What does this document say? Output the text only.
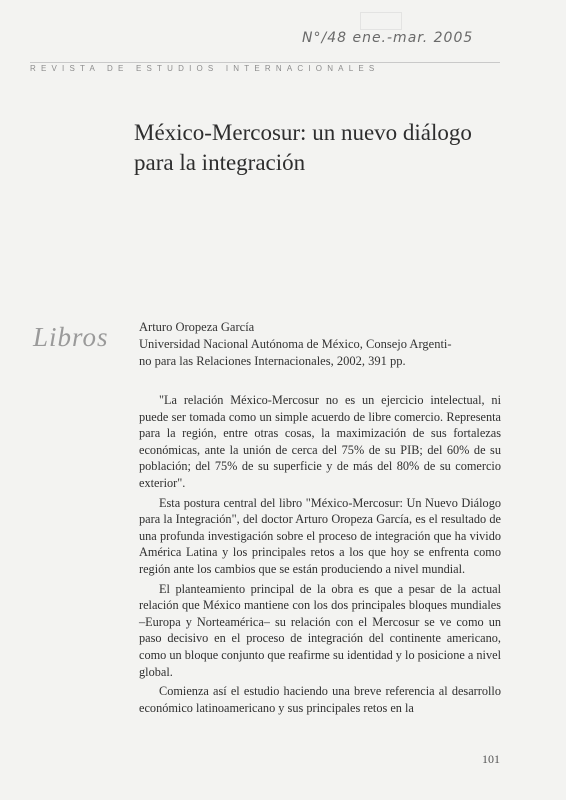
N°/48 ene.-mar. 2005
REVISTA DE ESTUDIOS INTERNACIONALES
México-Mercosur: un nuevo diálogo
para la integración
Libros Arturo Oropeza García
Universidad Nacional Autónoma de México, Consejo Argenti-
no para las Relaciones Internacionales, 2002, 391 pp.

"La relación México-Mercosur no es un ejercicio intelectual, ni puede ser tomada como un simple acuerdo de libre comercio. Representa para la región, entre otras cosas, la maximización de sus fortalezas económicas, ante la unión de cerca del 75% de su PIB; del 60% de su población; del 75% de su superficie y de más del 80% de su comercio exterior".

Esta postura central del libro "México-Mercosur: Un Nuevo Diálogo para la Integración", del doctor Arturo Oropeza García, es el resultado de una profunda investigación sobre el proceso de integración que ha vivido América Latina y los principales retos a los que hoy se enfrenta como región ante los cambios que se están produciendo a nivel mundial.

El planteamiento principal de la obra es que a pesar de la actual relación que México mantiene con los dos principales bloques mundiales –Europa y Norteamérica– su relación con el Mercosur se ve como un paso decisivo en el proceso de integración del continente americano, como un bloque conjunto que reafirme su identidad y lo posicione a nivel global.

Comienza así el estudio haciendo una breve referencia al desarrollo económico latinoamericano y sus principales retos en la

101
